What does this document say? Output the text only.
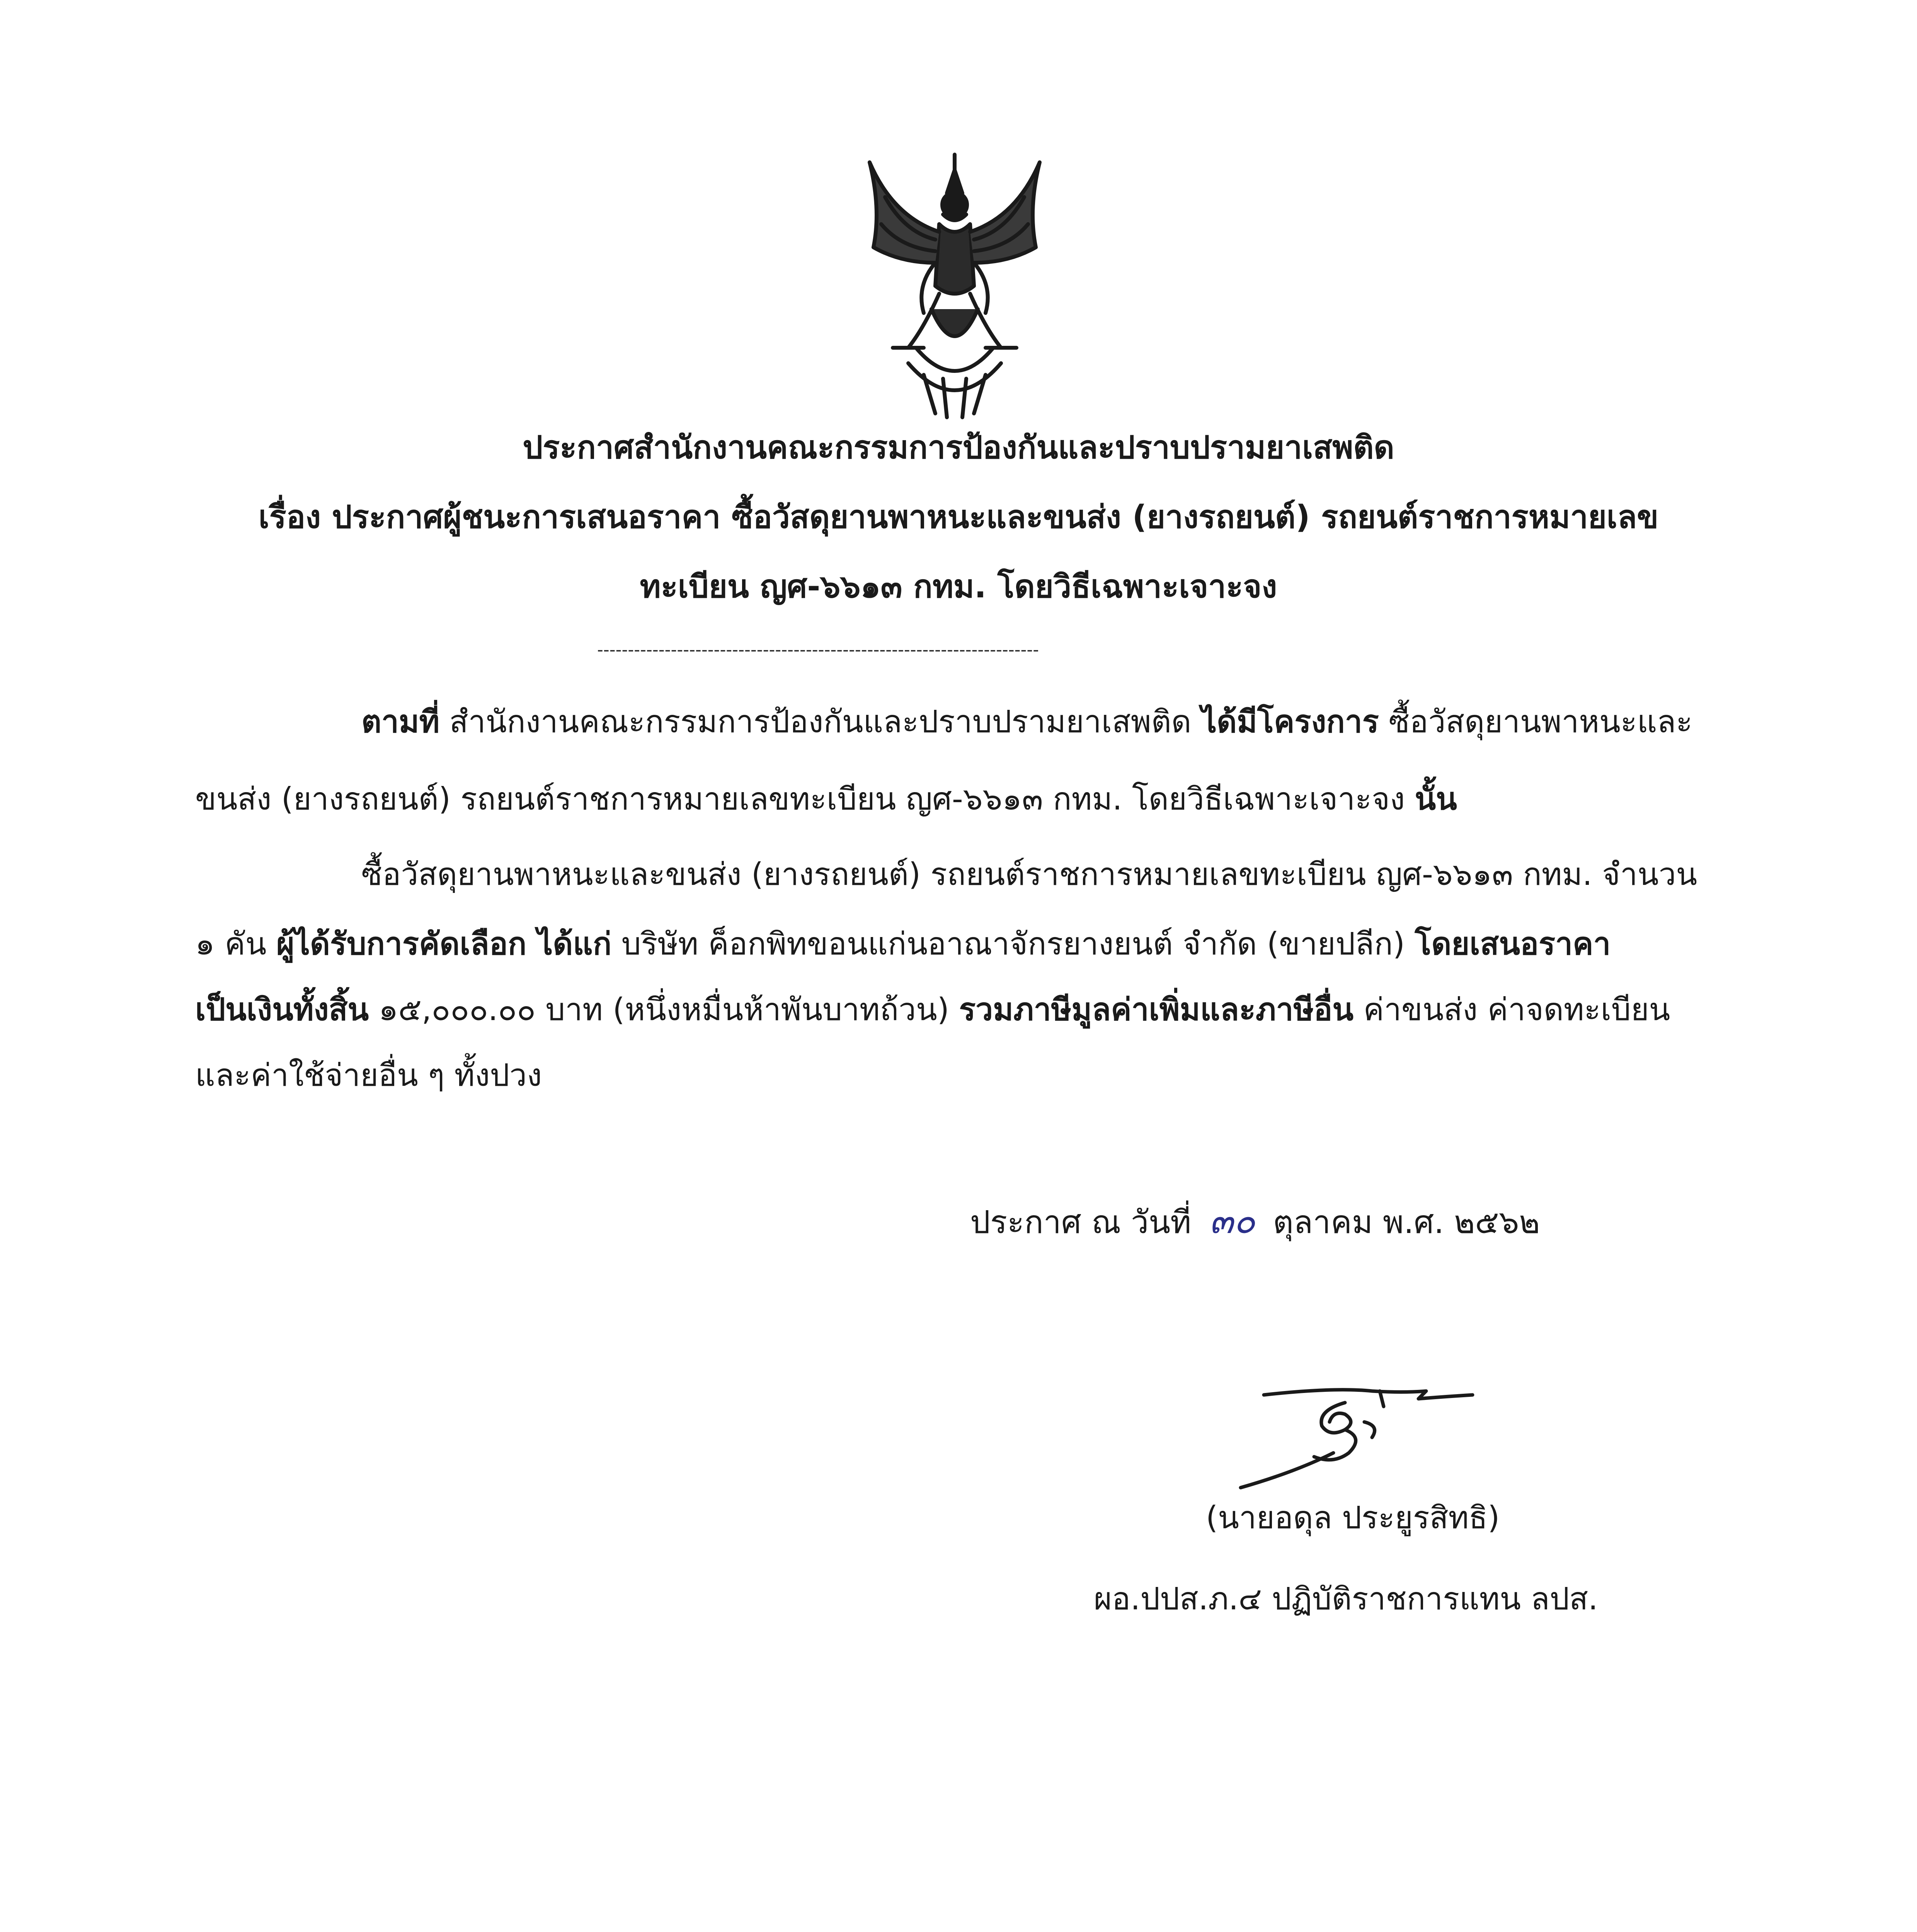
ประกาศสำนักงานคณะกรรมการป้องกันและปราบปรามยาเสพติด
เรื่อง ประกาศผู้ชนะการเสนอราคา ซื้อวัสดุยานพาหนะและขนส่ง (ยางรถยนต์) รถยนต์ราชการหมายเลข
ทะเบียน ญศ-๖๖๑๓ กทม. โดยวิธีเฉพาะเจาะจง
------------------------------------------------------------------------
ตามที่ สำนักงานคณะกรรมการป้องกันและปราบปรามยาเสพติด ได้มีโครงการ ซื้อวัสดุยานพาหนะและ
ขนส่ง (ยางรถยนต์) รถยนต์ราชการหมายเลขทะเบียน ญศ-๖๖๑๓ กทม. โดยวิธีเฉพาะเจาะจง นั้น
ซื้อวัสดุยานพาหนะและขนส่ง (ยางรถยนต์) รถยนต์ราชการหมายเลขทะเบียน ญศ-๖๖๑๓ กทม. จำนวน
๑ คัน ผู้ได้รับการคัดเลือก ได้แก่ บริษัท ค็อกพิทขอนแก่นอาณาจักรยางยนต์ จำกัด (ขายปลีก) โดยเสนอราคา
เป็นเงินทั้งสิ้น ๑๕,๐๐๐.๐๐ บาท (หนึ่งหมื่นห้าพันบาทถ้วน) รวมภาษีมูลค่าเพิ่มและภาษีอื่น ค่าขนส่ง ค่าจดทะเบียน
และค่าใช้จ่ายอื่น ๆ ทั้งปวง
ประกาศ ณ วันที่ ๓๐ ตุลาคม พ.ศ. ๒๕๖๒
(นายอดุล ประยูรสิทธิ)
ผอ.ปปส.ภ.๔ ปฏิบัติราชการแทน ลปส.
